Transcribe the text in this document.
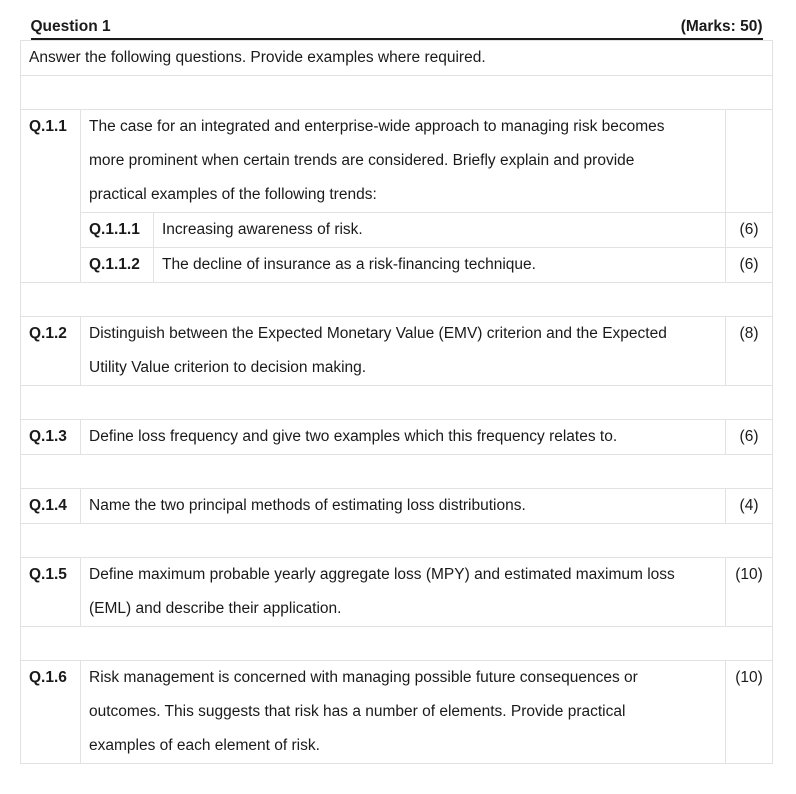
Question 1 (Marks: 50)		

Answer the following questions. Provide examples where required.		

Q.1.1	The case for an integrated and enterprise-wide approach to managing risk becomes
more prominent when certain trends are considered. Briefly explain and provide
practical examples of the following trends:	

	Q.1.1.1 Increasing awareness of risk.	(6)

	Q.1.1.2 The decline of insurance as a risk-financing technique.	(6)

Q.1.2	Distinguish between the Expected Monetary Value (EMV) criterion and the Expected
Utility Value criterion to decision making.	(8)

Q.1.3	Define loss frequency and give two examples which this frequency relates to.	(6)

Q.1.4	Name the two principal methods of estimating loss distributions.	(4)

Q.1.5	Define maximum probable yearly aggregate loss (MPY) and estimated maximum loss
(EML) and describe their application.	(10)

Q.1.6	Risk management is concerned with managing possible future consequences or
outcomes. This suggests that risk has a number of elements. Provide practical
examples of each element of risk.	(10)
